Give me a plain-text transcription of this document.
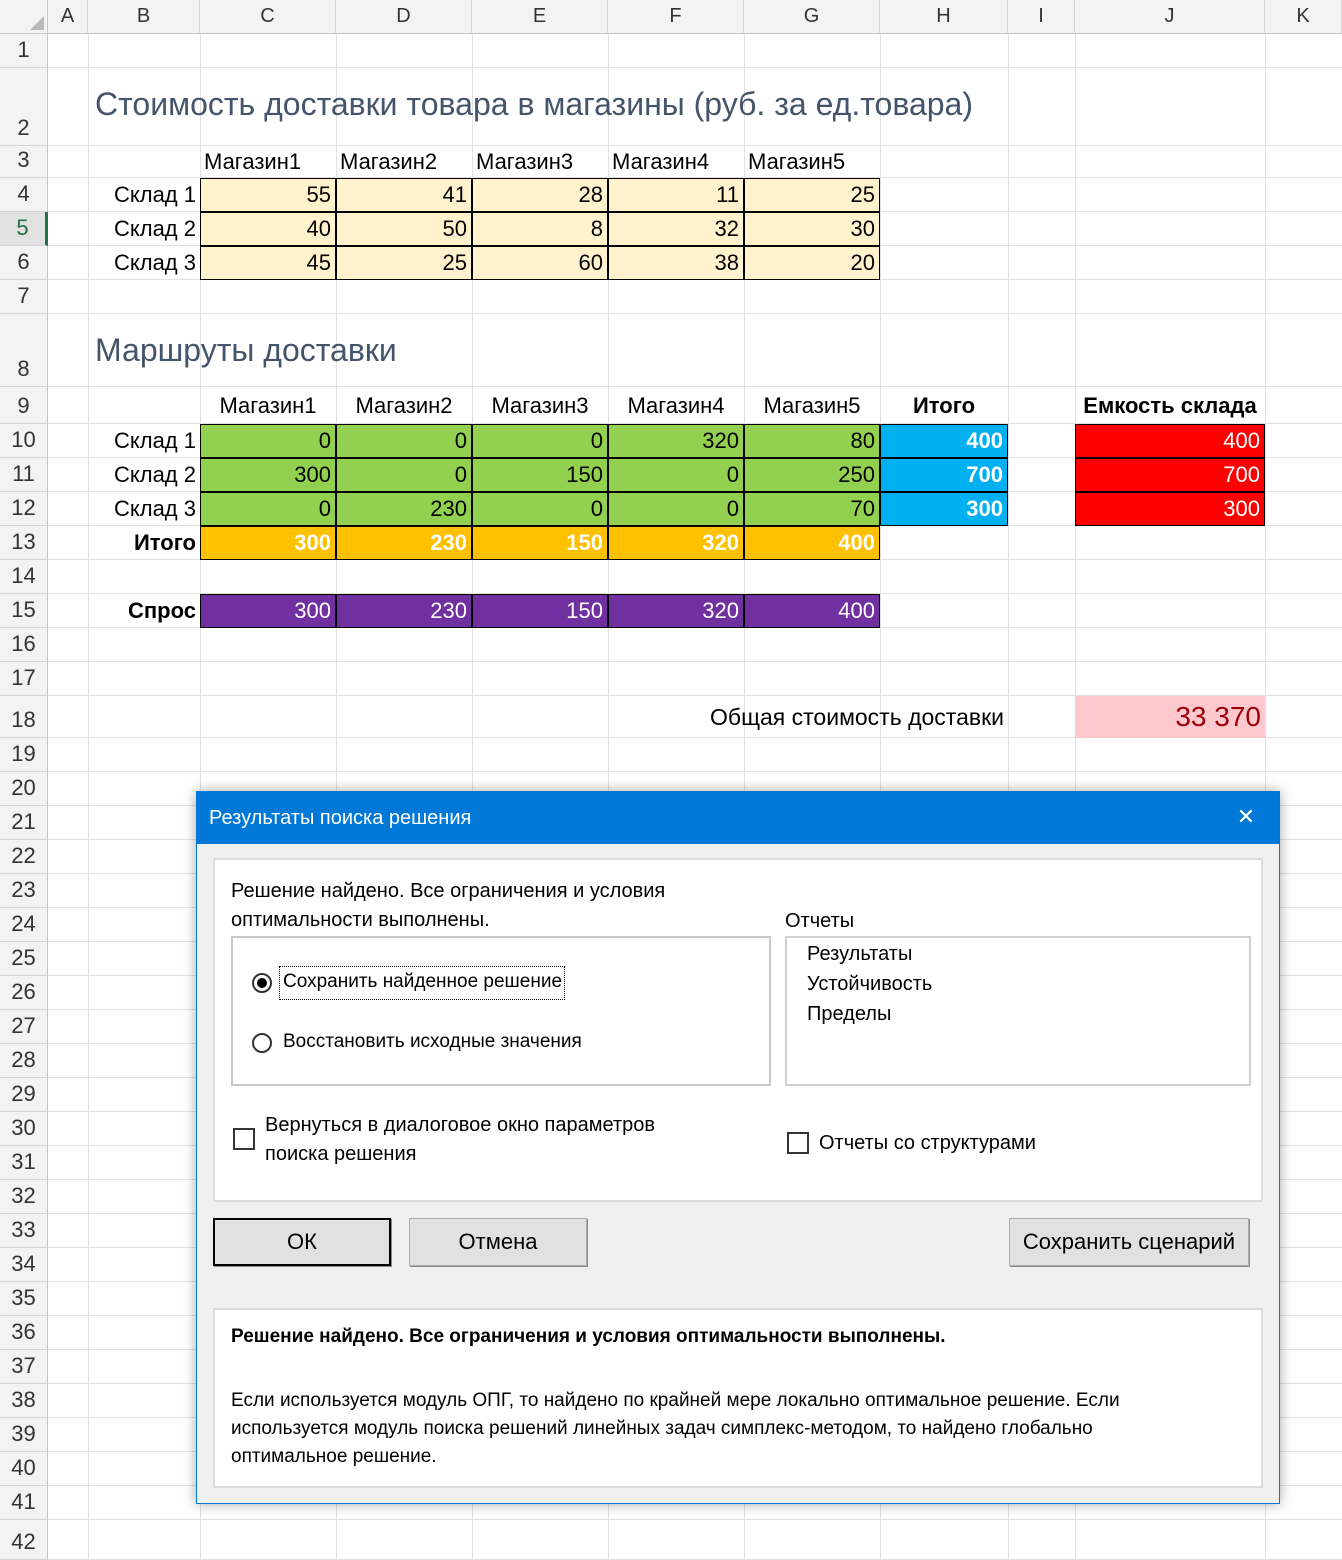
A	B	C	D	E	F	G	H	I	J	K
1
2
3
4
5
6
7
8
9
10
11
12
13
14
15
16
17
18
19
20
21
22
23
24
25
26
27
28
29
30
31
32
33
34
35
36
37
38
39
40
41
42
Стоимость доставки товара в магазины (руб. за ед.товара)
Маршруты доставки
Магазин1	Магазин2	Магазин3	Магазин4	Магазин5
Склад 1	55	41	28	11	25
Склад 2	40	50	8	32	30
Склад 3	45	25	60	38	20
Магазин1	Магазин2	Магазин3	Магазин4	Магазин5	Итого	Емкость склада
Склад 1	0	0	0	320	80	400	400
Склад 2	300	0	150	0	250	700	700
Склад 3	0	230	0	0	70	300	300
Итого	300	230	150	320	400
Спрос	300	230	150	320	400
Общая стоимость доставки	33 370
Результаты поиска решения	✕
Решение найдено. Все ограничения и условия
оптимальности выполнены.
Сохранить найденное решение
Восстановить исходные значения
Отчеты
Результаты
Устойчивость
Пределы
Вернуться в диалоговое окно параметров
поиска решения	Отчеты со структурами
ОК	Отмена	Сохранить сценарий
Решение найдено. Все ограничения и условия оптимальности выполнены.
Если используется модуль ОПГ, то найдено по крайней мере локально оптимальное решение. Если
используется модуль поиска решений линейных задач симплекс-методом, то найдено глобально
оптимальное решение.
